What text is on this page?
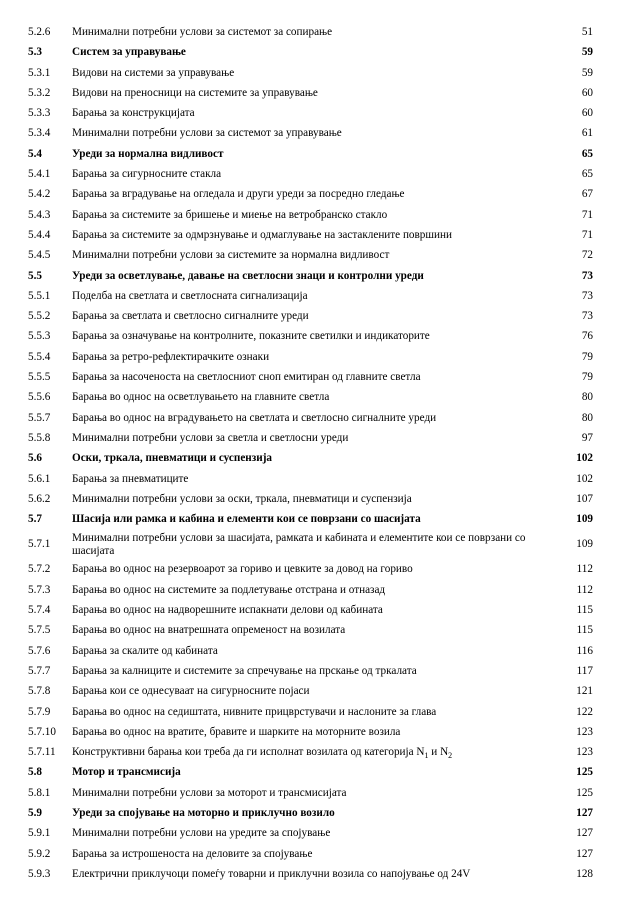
5.2.6 Минимални потребни услови за системот за сопирање	51
5.3	Систем за управување	59
5.3.1 Видови на системи за управување	59
5.3.2 Видови на преносници на системите за управување	60
5.3.3 Барања за конструкцијата	60
5.3.4 Минимални потребни услови за системот за управување	61
5.4	Уреди за нормална видливост	65
5.4.1 Барања за сигурносните стакла	65
5.4.2 Барања за вградување на огледала и други уреди за посредно гледање	67
5.4.3 Барања за системите за бришење и миење на ветробранско стакло	71
5.4.4 Барања за системите за одмрзнување и одмаглување на застаклените површини	71
5.4.5 Минимални потребни услови за системите за нормална видливост	72
5.5	Уреди за осветлување, давање на светлосни знаци и контролни уреди	73
5.5.1 Поделба на светлата и светлосната сигнализација	73
5.5.2 Барања за светлата и светлосно сигналните уреди	73
5.5.3 Барања за означување на контролните, показните светилки и индикаторите	76
5.5.4 Барања за ретро-рефлектирачките ознаки	79
5.5.5 Барања за насоченоста на светлосниот сноп емитиран од главните светла	79
5.5.6 Барања во однос на осветлувањето на главните светла	80
5.5.7 Барања во однос на вградувањето на светлата и светлосно сигналните уреди	80
5.5.8 Минимални потребни услови за светла и светлосни уреди	97
5.6	Оски, тркала, пневматици и суспензија	102
5.6.1 Барања за пневматиците	102
5.6.2 Минимални потребни услови за оски, тркала, пневматици и суспензија	107
5.7	Шасија или рамка и кабина и елементи кои се поврзани со шасијата	109
5.7.1 Минимални потребни услови за шасијата, рамката и кабината и елементите кои се поврзани со шасијата
109
5.7.2 Барања во однос на резервоарот за гориво и цевките за довод на гориво	112
5.7.3 Барања во однос на системите за подлетување отстрана и отназад	112
5.7.4 Барања во однос на надворешните испакнати делови од кабината	115
5.7.5 Барања во однос на внатрешната опременост на возилата	115
5.7.6 Барања за скалите од кабината	116
5.7.7 Барања за калниците и системите за спречување на прскање од тркалата	117
5.7.8 Барања кои се однесуваат на сигурносните појаси	121
5.7.9 Барања во однос на седиштата, нивните прицврстувачи и наслоните за глава	122
5.7.10 Барања во однос на вратите, бравите и шарките на моторните возила	123
5.7.11 Конструктивни барања кои треба да ги исполнат возилата од категорија $N_1$ и $N_2$	123
5.8	Мотор и трансмисија	125
5.8.1 Минимални потребни услови за моторот и трансмисијата	125
5.9	Уреди за спојување на моторно и приклучно возило	127
5.9.1 Минимални потребни услови на уредите за спојување	127
5.9.2 Барања за истрошеноста на деловите за спојување	127
5.9.3 Електрични приклучоци помеѓу товарни и приклучни возила со напојување од 24V	128
